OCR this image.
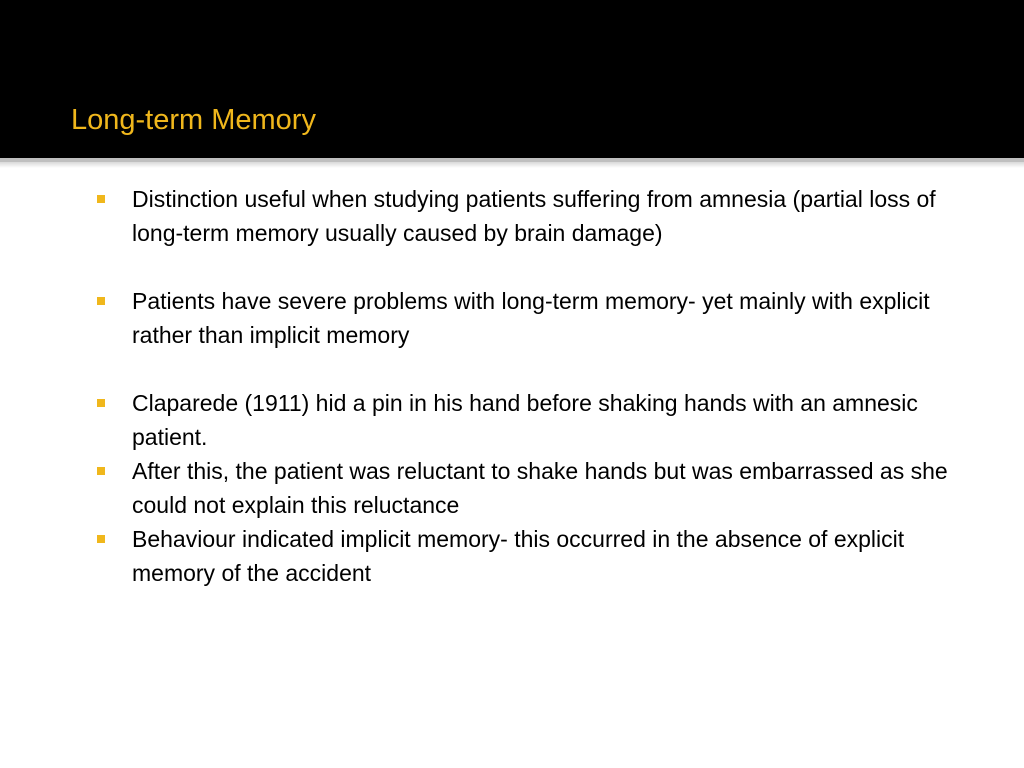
Long-term Memory
Distinction useful when studying patients suffering from amnesia (partial loss of long-term memory usually caused by brain damage)
Patients have severe problems with long-term memory- yet mainly with explicit rather than implicit memory
Claparede (1911) hid a pin in his hand before shaking hands with an amnesic patient.
After this, the patient was reluctant to shake hands but was embarrassed as she could not explain this reluctance
Behaviour indicated implicit memory- this occurred in the absence of explicit memory of the accident
